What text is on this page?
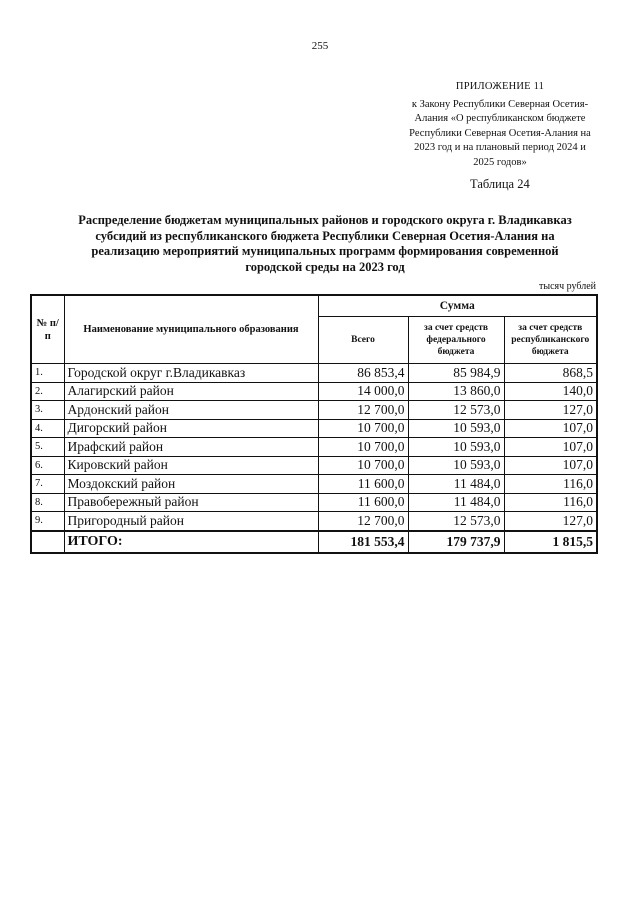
255
ПРИЛОЖЕНИЕ 11
к Закону Республики Северная Осетия-
Алания «О республиканском бюджете
Республики Северная Осетия-Алания на
2023 год и на плановый период 2024 и
2025 годов»
Таблица 24
Распределение бюджетам муниципальных районов и городского округа г. Владикавказ
субсидий из республиканского бюджета Республики Северная Осетия-Алания на
реализацию мероприятий муниципальных программ формирования современной
городской среды на 2023 год
тысяч рублей
№ п/п	Наименование муниципального образования	Сумма		
		Всего	за счет средств федерального бюджета	за счет средств республиканского бюджета
1.	Городской округ г.Владикавказ	86 853,4	85 984,9	868,5
2.	Алагирский район	14 000,0	13 860,0	140,0
3.	Ардонский район	12 700,0	12 573,0	127,0
4.	Дигорский район	10 700,0	10 593,0	107,0
5.	Ирафский район	10 700,0	10 593,0	107,0
6.	Кировский район	10 700,0	10 593,0	107,0
7.	Моздокский район	11 600,0	11 484,0	116,0
8.	Правобережный район	11 600,0	11 484,0	116,0
9.	Пригородный район	12 700,0	12 573,0	127,0
	ИТОГО:	181 553,4	179 737,9	1 815,5
